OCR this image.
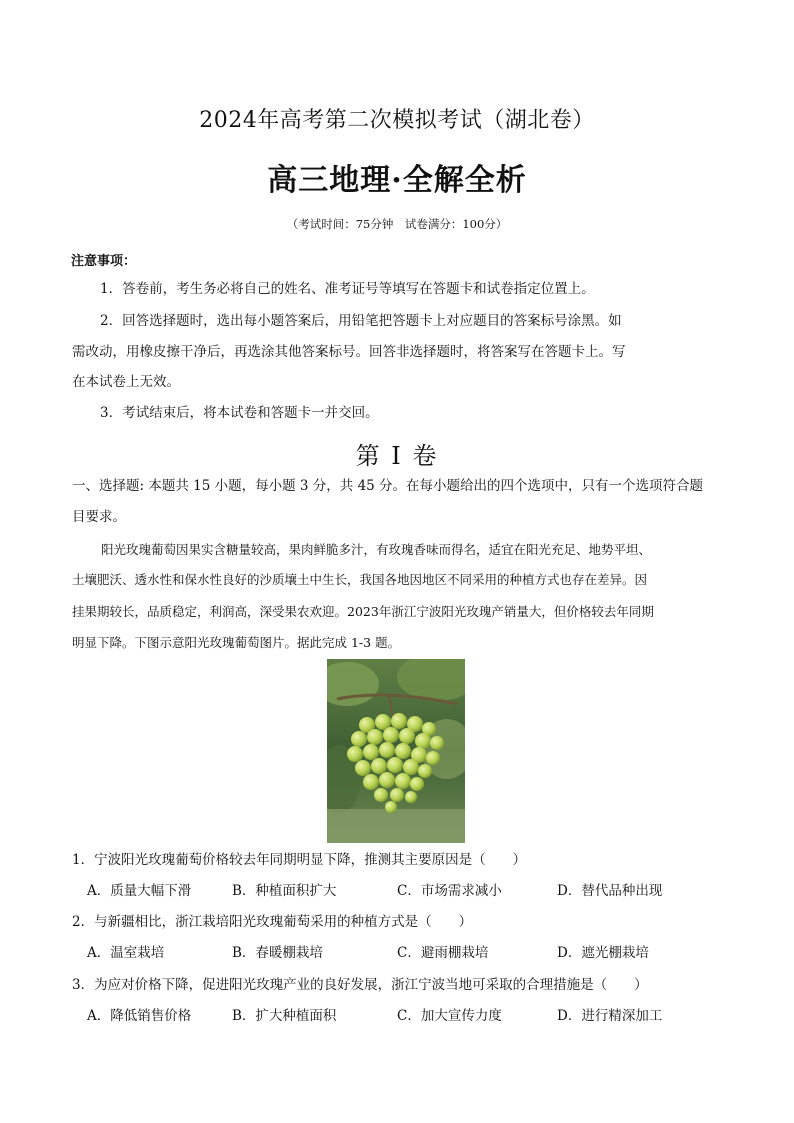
2024年高考第二次模拟考试（湖北卷）
高三地理·全解全析
（考试时间：75分钟　试卷满分：100分）
注意事项：
1．答卷前，考生务必将自己的姓名、准考证号等填写在答题卡和试卷指定位置上。
2．回答选择题时，选出每小题答案后，用铅笔把答题卡上对应题目的答案标号涂黑。如
需改动，用橡皮擦干净后，再选涂其他答案标号。回答非选择题时，将答案写在答题卡上。写
在本试卷上无效。
3．考试结束后，将本试卷和答题卡一并交回。
第 I 卷
一、选择题: 本题共 15 小题，每小题 3 分，共 45 分。在每小题给出的四个选项中，只有一个选项符合题
目要求。
阳光玫瑰葡萄因果实含糖量较高，果肉鲜脆多汁，有玫瑰香味而得名，适宜在阳光充足、地势平坦、
土壤肥沃、透水性和保水性良好的沙质壤土中生长，我国各地因地区不同采用的种植方式也存在差异。因
挂果期较长，品质稳定，利润高，深受果农欢迎。2023年浙江宁波阳光玫瑰产销量大，但价格较去年同期
明显下降。下图示意阳光玫瑰葡萄图片。据此完成 1-3 题。
1．宁波阳光玫瑰葡萄价格较去年同期明显下降，推测其主要原因是（　　）
A．质量大幅下滑	B．种植面积扩大	C．市场需求减小	D．替代品种出现
2．与新疆相比，浙江栽培阳光玫瑰葡萄采用的种植方式是（　　）
A．温室栽培	B．春暖棚栽培	C．避雨棚栽培	D．遮光棚栽培
3．为应对价格下降，促进阳光玫瑰产业的良好发展，浙江宁波当地可采取的合理措施是（　　）
A．降低销售价格	B．扩大种植面积	C．加大宣传力度	D．进行精深加工
